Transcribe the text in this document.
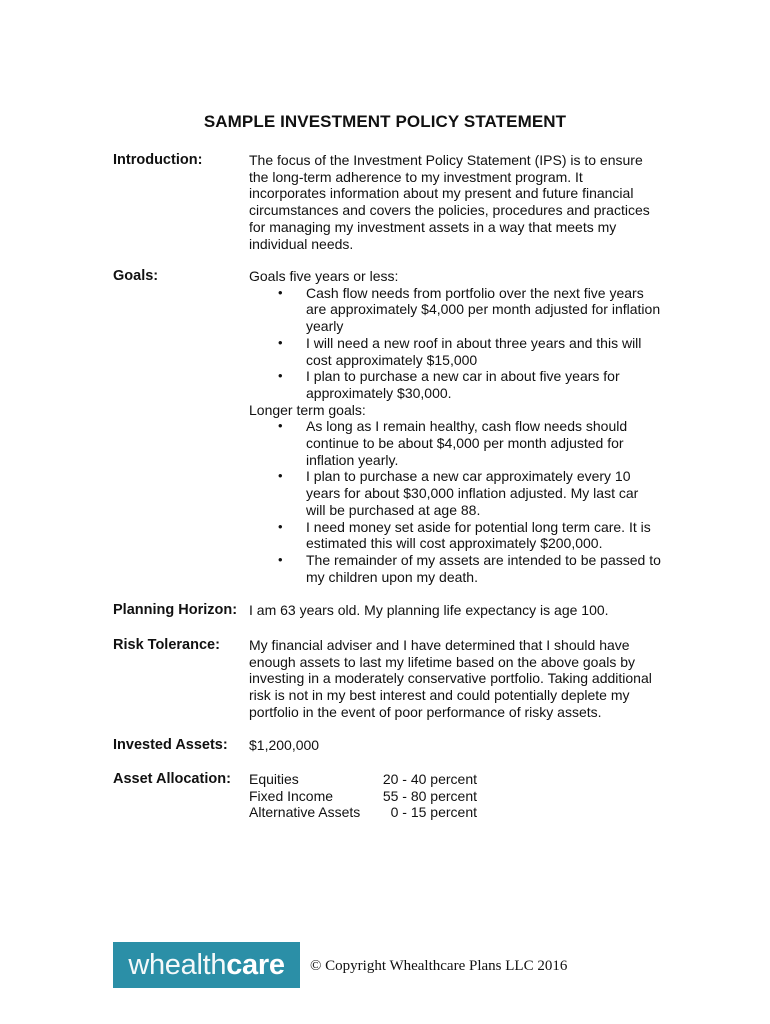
SAMPLE INVESTMENT POLICY STATEMENT
Introduction:	The focus of the Investment Policy Statement (IPS) is to ensure
the long-term adherence to my investment program. It
incorporates information about my present and future financial
circumstances and covers the policies, procedures and practices
for managing my investment assets in a way that meets my
individual needs.
Goals:	Goals five years or less:
• Cash flow needs from portfolio over the next five years
are approximately $4,000 per month adjusted for inflation
yearly
• I will need a new roof in about three years and this will
cost approximately $15,000
• I plan to purchase a new car in about five years for
approximately $30,000.
Longer term goals:
• As long as I remain healthy, cash flow needs should
continue to be about $4,000 per month adjusted for
inflation yearly.
• I plan to purchase a new car approximately every 10
years for about $30,000 inflation adjusted. My last car
will be purchased at age 88.
• I need money set aside for potential long term care. It is
estimated this will cost approximately $200,000.
• The remainder of my assets are intended to be passed to
my children upon my death.
Planning Horizon: I am 63 years old. My planning life expectancy is age 100.
Risk Tolerance:	My financial adviser and I have determined that I should have
enough assets to last my lifetime based on the above goals by
investing in a moderately conservative portfolio. Taking additional
risk is not in my best interest and could potentially deplete my
portfolio in the event of poor performance of risky assets.
Invested Assets:	$1,200,000
Asset Allocation:	Equities	20 - 40 percent
Fixed Income	55 - 80 percent
Alternative Assets	0 - 15 percent
whealthcare	© Copyright Whealthcare Plans LLC 2016
